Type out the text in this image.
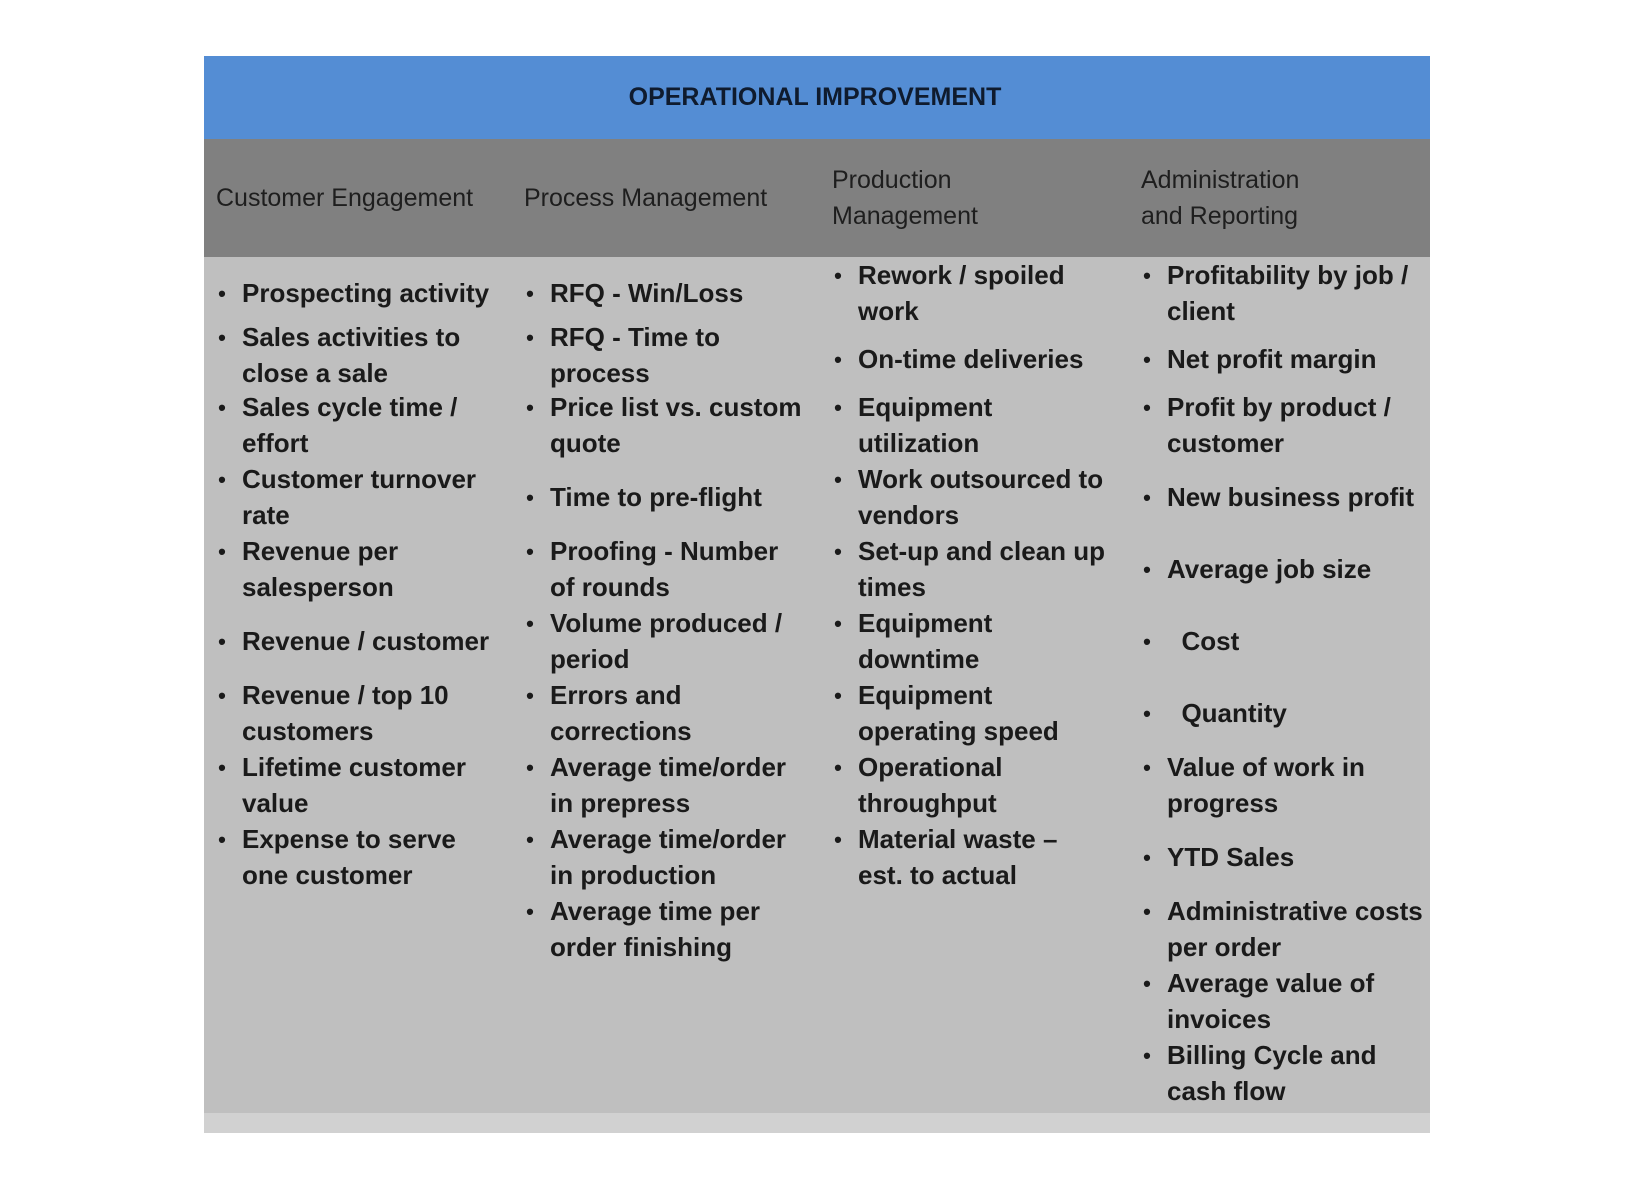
OPERATIONAL IMPROVEMENT
Customer Engagement Process Management
Production
Management
Administration
and Reporting
• Prospecting activity
• Sales activities to
close a sale
• Sales cycle time /
effort
• Customer turnover
rate
• Revenue per
salesperson
• Revenue / customer
• Revenue / top 10
customers
• Lifetime customer
value
• Expense to serve
one customer
• RFQ - Win/Loss
• RFQ - Time to
process
• Price list vs. custom
quote
• Time to pre-flight
• Proofing - Number
of rounds
• Volume produced /
period
• Errors and
corrections
• Average time/order
in prepress
• Average time/order
in production
• Average time per
order finishing
• Rework / spoiled
work
• On-time deliveries
• Equipment
utilization
• Work outsourced to
vendors
• Set-up and clean up
times
• Equipment
downtime
• Equipment
operating speed
• Operational
throughput
• Material waste –
est. to actual
• Profitability by job /
client
• Net profit margin
• Profit by product /
customer
• New business profit
• Average job size
• Cost
• Quantity
• Value of work in
progress
• YTD Sales
• Administrative costs
per order
• Average value of
invoices
• Billing Cycle and
cash flow
